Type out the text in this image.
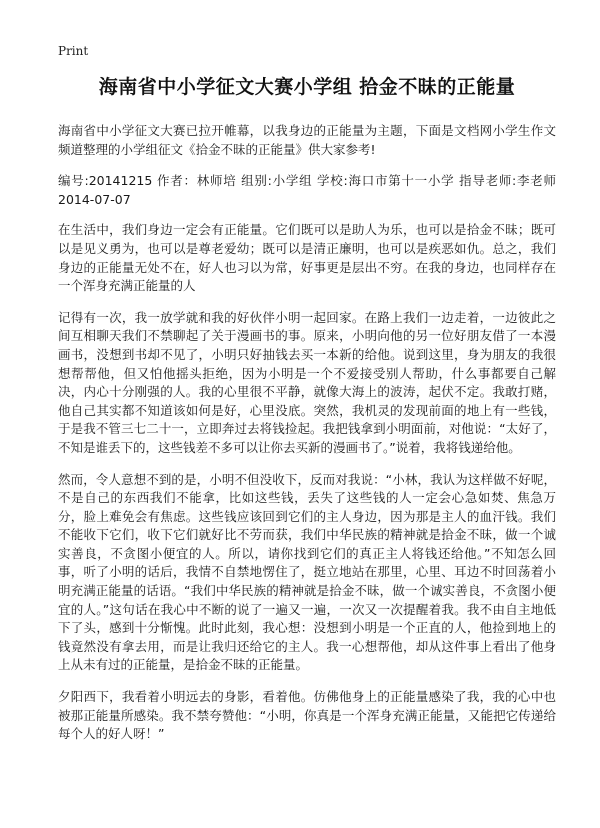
Print
海南省中小学征文大赛小学组 拾金不昧的正能量

海南省中小学征文大赛已拉开帷幕，以我身边的正能量为主题，下面是文档网小学生作文频道整理的小学组征文《拾金不昧的正能量》供大家参考!

编号:20141215 作者：林师培 组别:小学组 学校:海口市第十一小学 指导老师:李老师 2014-07-07

在生活中，我们身边一定会有正能量。它们既可以是助人为乐，也可以是拾金不昧；既可以是见义勇为，也可以是尊老爱幼；既可以是清正廉明，也可以是疾恶如仇。总之，我们身边的正能量无处不在，好人也习以为常，好事更是层出不穷。在我的身边，也同样存在一个浑身充满正能量的人

记得有一次，我一放学就和我的好伙伴小明一起回家。在路上我们一边走着，一边彼此之间互相聊天我们不禁聊起了关于漫画书的事。原来，小明向他的另一位好朋友借了一本漫画书，没想到书却不见了，小明只好抽钱去买一本新的给他。说到这里，身为朋友的我很想帮帮他，但又怕他摇头拒绝，因为小明是一个不爱接受别人帮助，什么事都要自己解决，内心十分刚强的人。我的心里很不平静，就像大海上的波涛，起伏不定。我敢打赌，他自己其实都不知道该如何是好，心里没底。突然，我机灵的发现前面的地上有一些钱，于是我不管三七二十一，立即奔过去将钱捡起。我把钱拿到小明面前，对他说：“太好了，不知是谁丢下的，这些钱差不多可以让你去买新的漫画书了。”说着，我将钱递给他。

然而，令人意想不到的是，小明不但没收下，反而对我说：“小林，我认为这样做不好呢，不是自己的东西我们不能拿，比如这些钱，丢失了这些钱的人一定会心急如焚、焦急万分，脸上难免会有焦虑。这些钱应该回到它们的主人身边，因为那是主人的血汗钱。我们不能收下它们，收下它们就好比不劳而获，我们中华民族的精神就是拾金不昧，做一个诚实善良，不贪图小便宜的人。所以，请你找到它们的真正主人将钱还给他。”不知怎么回事，听了小明的话后，我情不自禁地愣住了，挺立地站在那里，心里、耳边不时回荡着小明充满正能量的话语。“我们中华民族的精神就是拾金不昧，做一个诚实善良，不贪图小便宜的人。”这句话在我心中不断的说了一遍又一遍，一次又一次提醒着我。我不由自主地低下了头，感到十分惭愧。此时此刻，我心想：没想到小明是一个正直的人，他捡到地上的钱竟然没有拿去用，而是让我归还给它的主人。我一心想帮他，却从这件事上看出了他身上从未有过的正能量，是拾金不昧的正能量。

夕阳西下，我看着小明远去的身影，看着他。仿佛他身上的正能量感染了我，我的心中也被那正能量所感染。我不禁夸赞他：“小明，你真是一个浑身充满正能量，又能把它传递给每个人的好人呀！”
